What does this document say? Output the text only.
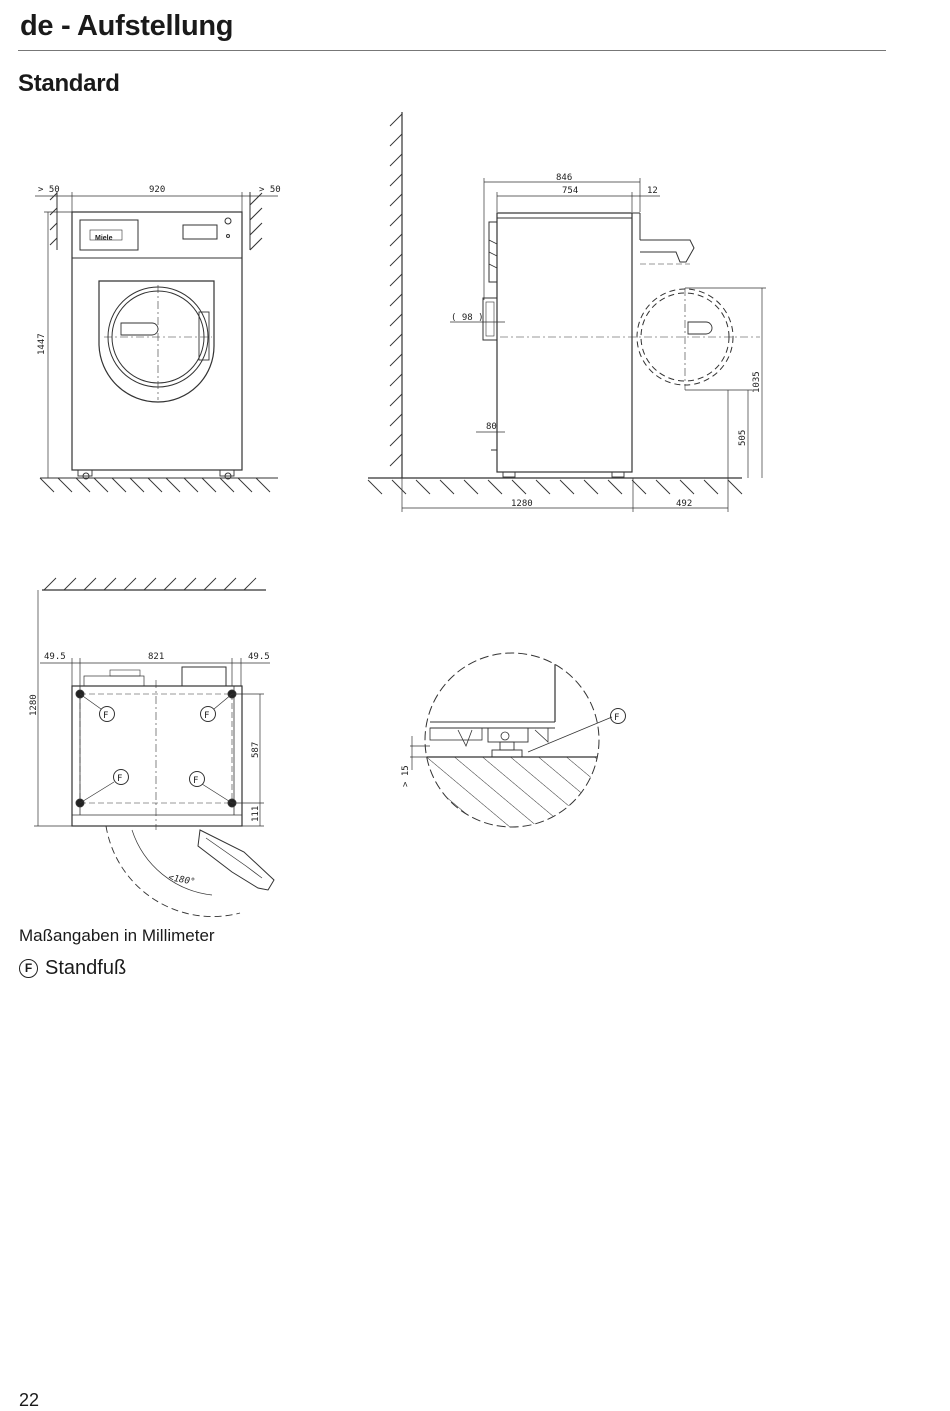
de - Aufstellung
Standard
> 50	920	> 50
1447
Miele
846
754	12
( 98 )
80
1280	492
1035
505
49.5	821	49.5
1280
587
111
<180°
F	F
F	F	> 15
F
Maßangaben in Millimeter
F Standfuß
22
